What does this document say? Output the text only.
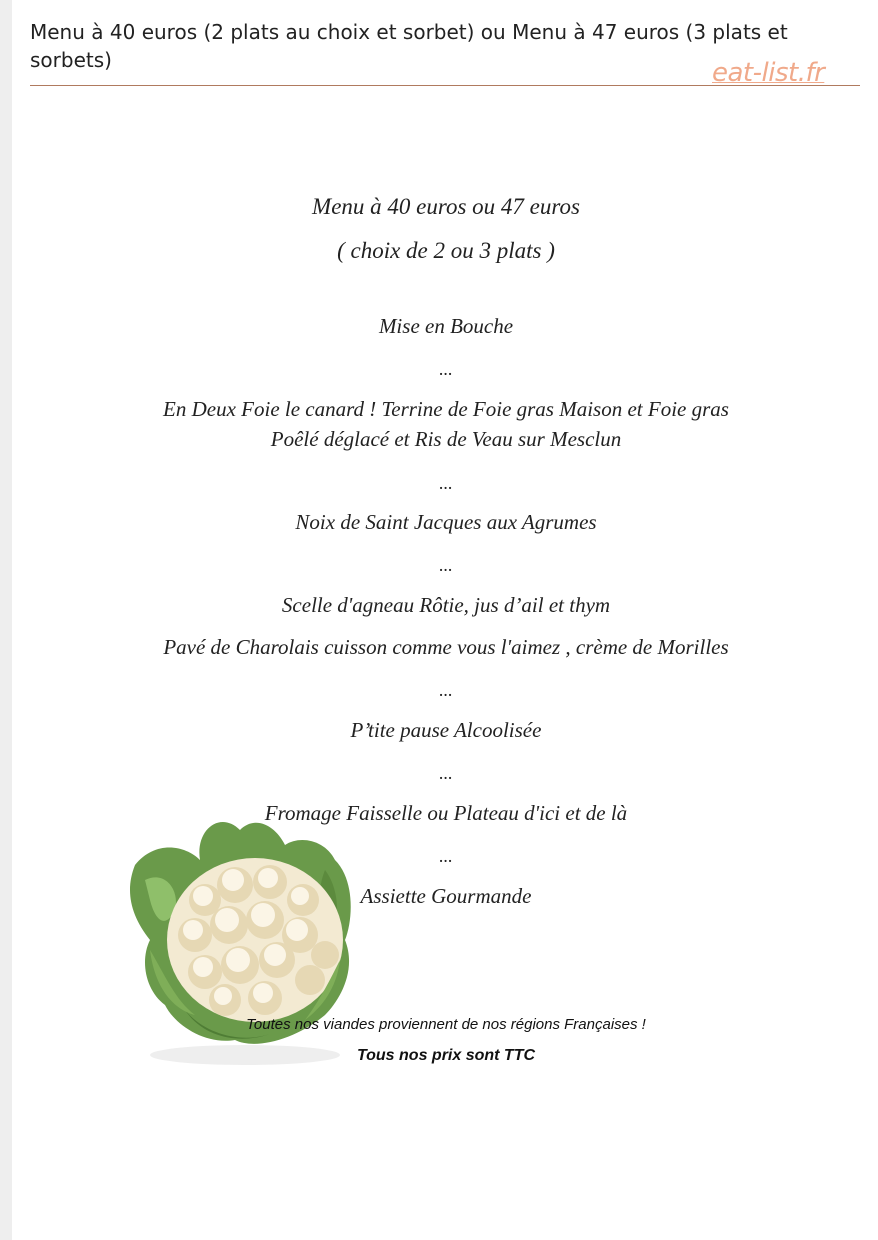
Menu à 40 euros (2 plats au choix et sorbet) ou Menu à 47 euros (3 plats et sorbets)	eat-list.fr

Menu à 40 euros ou 47 euros

( choix de 2 ou 3 plats )

Mise en Bouche

...

En Deux Foie le canard ! Terrine de Foie gras Maison et Foie gras

Poêlé déglacé et Ris de Veau sur Mesclun

...

Noix de Saint Jacques aux Agrumes

...

Scelle d'agneau Rôtie, jus d’ail et thym

Pavé de Charolais cuisson comme vous l'aimez , crème de Morilles

...

P’tite pause Alcoolisée

...

Fromage Faisselle ou Plateau d'ici et de là

...

Assiette Gourmande

Toutes nos viandes proviennent de nos régions Françaises !

Tous nos prix sont TTC
